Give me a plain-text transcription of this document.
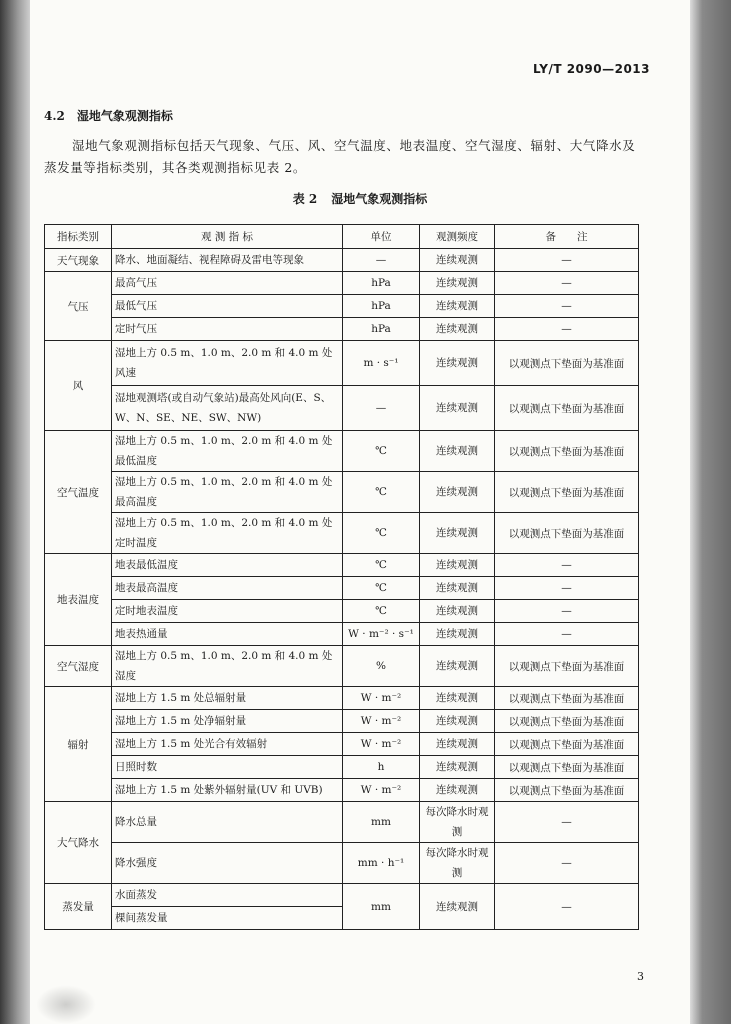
LY/T 2090—2013
4.2 湿地气象观测指标
湿地气象观测指标包括天气现象、气压、风、空气温度、地表温度、空气湿度、辐射、大气降水及蒸发量等指标类别，其各类观测指标见表 2。
表 2 湿地气象观测指标
指标类别	观 测 指 标	单位	观测频度	备　　注
天气现象	降水、地面凝结、视程障碍及雷电等现象	—	连续观测	—
气压	最高气压	hPa	连续观测	—
	最低气压	hPa	连续观测	—
	定时气压	hPa	连续观测	—
风	湿地上方 0.5 m、1.0 m、2.0 m 和 4.0 m 处风速	m · s⁻¹	连续观测	以观测点下垫面为基准面
	湿地观测塔(或自动气象站)最高处风向(E、S、W、N、SE、NE、SW、NW)	—	连续观测	以观测点下垫面为基准面
空气温度	湿地上方 0.5 m、1.0 m、2.0 m 和 4.0 m 处最低温度	℃	连续观测	以观测点下垫面为基准面
	湿地上方 0.5 m、1.0 m、2.0 m 和 4.0 m 处最高温度	℃	连续观测	以观测点下垫面为基准面
	湿地上方 0.5 m、1.0 m、2.0 m 和 4.0 m 处定时温度	℃	连续观测	以观测点下垫面为基准面
地表温度	地表最低温度	℃	连续观测	—
	地表最高温度	℃	连续观测	—
	定时地表温度	℃	连续观测	—
	地表热通量	W · m⁻² · s⁻¹	连续观测	—
空气湿度	湿地上方 0.5 m、1.0 m、2.0 m 和 4.0 m 处湿度	%	连续观测	以观测点下垫面为基准面
辐射	湿地上方 1.5 m 处总辐射量	W · m⁻²	连续观测	以观测点下垫面为基准面
	湿地上方 1.5 m 处净辐射量	W · m⁻²	连续观测	以观测点下垫面为基准面
	湿地上方 1.5 m 处光合有效辐射	W · m⁻²	连续观测	以观测点下垫面为基准面
	日照时数	h	连续观测	以观测点下垫面为基准面
	湿地上方 1.5 m 处紫外辐射量(UV 和 UVB)	W · m⁻²	连续观测	以观测点下垫面为基准面
大气降水	降水总量	mm	每次降水时观测	—
	降水强度	mm · h⁻¹	每次降水时观测	—
蒸发量	水面蒸发	mm	连续观测	—
	棵间蒸发量			
3
